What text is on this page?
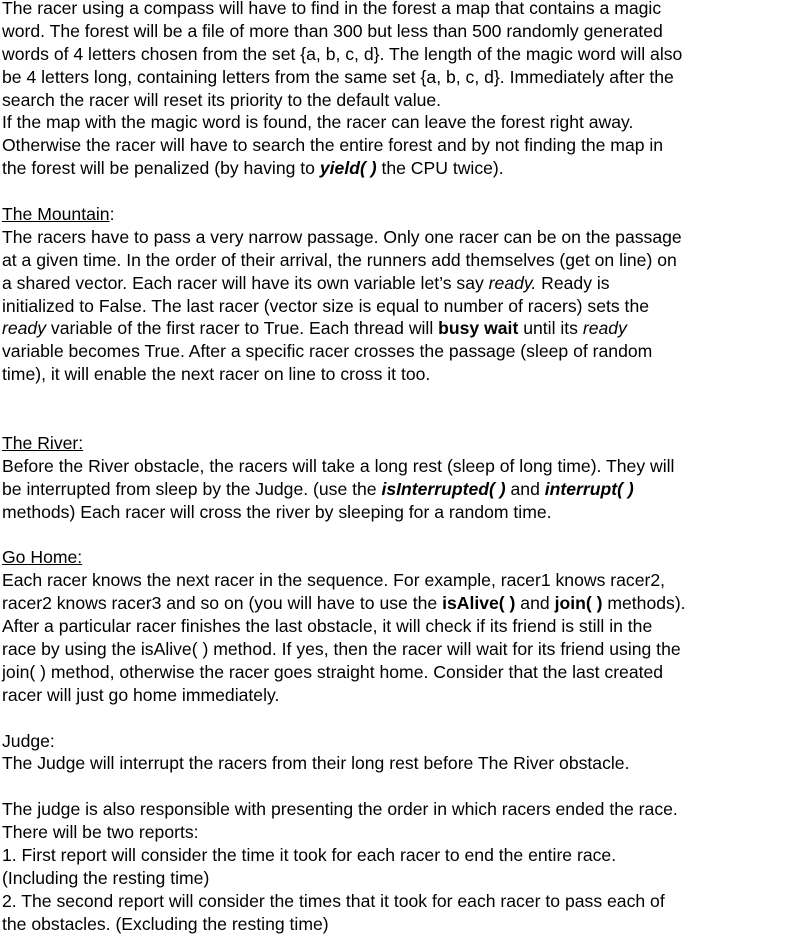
The racer using a compass will have to find in the forest a map that contains a magic
word. The forest will be a file of more than 300 but less than 500 randomly generated
words of 4 letters chosen from the set {a, b, c, d}. The length of the magic word will also
be 4 letters long, containing letters from the same set {a, b, c, d}. Immediately after the
search the racer will reset its priority to the default value.
If the map with the magic word is found, the racer can leave the forest right away.
Otherwise the racer will have to search the entire forest and by not finding the map in
the forest will be penalized (by having to yield( ) the CPU twice).
The Mountain:
The racers have to pass a very narrow passage. Only one racer can be on the passage
at a given time. In the order of their arrival, the runners add themselves (get on line) on
a shared vector. Each racer will have its own variable let’s say ready. Ready is
initialized to False. The last racer (vector size is equal to number of racers) sets the
ready variable of the first racer to True. Each thread will busy wait until its ready
variable becomes True. After a specific racer crosses the passage (sleep of random
time), it will enable the next racer on line to cross it too.
The River:
Before the River obstacle, the racers will take a long rest (sleep of long time). They will
be interrupted from sleep by the Judge. (use the isInterrupted( ) and interrupt( )
methods) Each racer will cross the river by sleeping for a random time.
Go Home:
Each racer knows the next racer in the sequence. For example, racer1 knows racer2,
racer2 knows racer3 and so on (you will have to use the isAlive( ) and join( ) methods).
After a particular racer finishes the last obstacle, it will check if its friend is still in the
race by using the isAlive( ) method. If yes, then the racer will wait for its friend using the
join( ) method, otherwise the racer goes straight home. Consider that the last created
racer will just go home immediately.
Judge:
The Judge will interrupt the racers from their long rest before The River obstacle.
The judge is also responsible with presenting the order in which racers ended the race.
There will be two reports:
1. First report will consider the time it took for each racer to end the entire race.
(Including the resting time)
2. The second report will consider the times that it took for each racer to pass each of
the obstacles. (Excluding the resting time)
